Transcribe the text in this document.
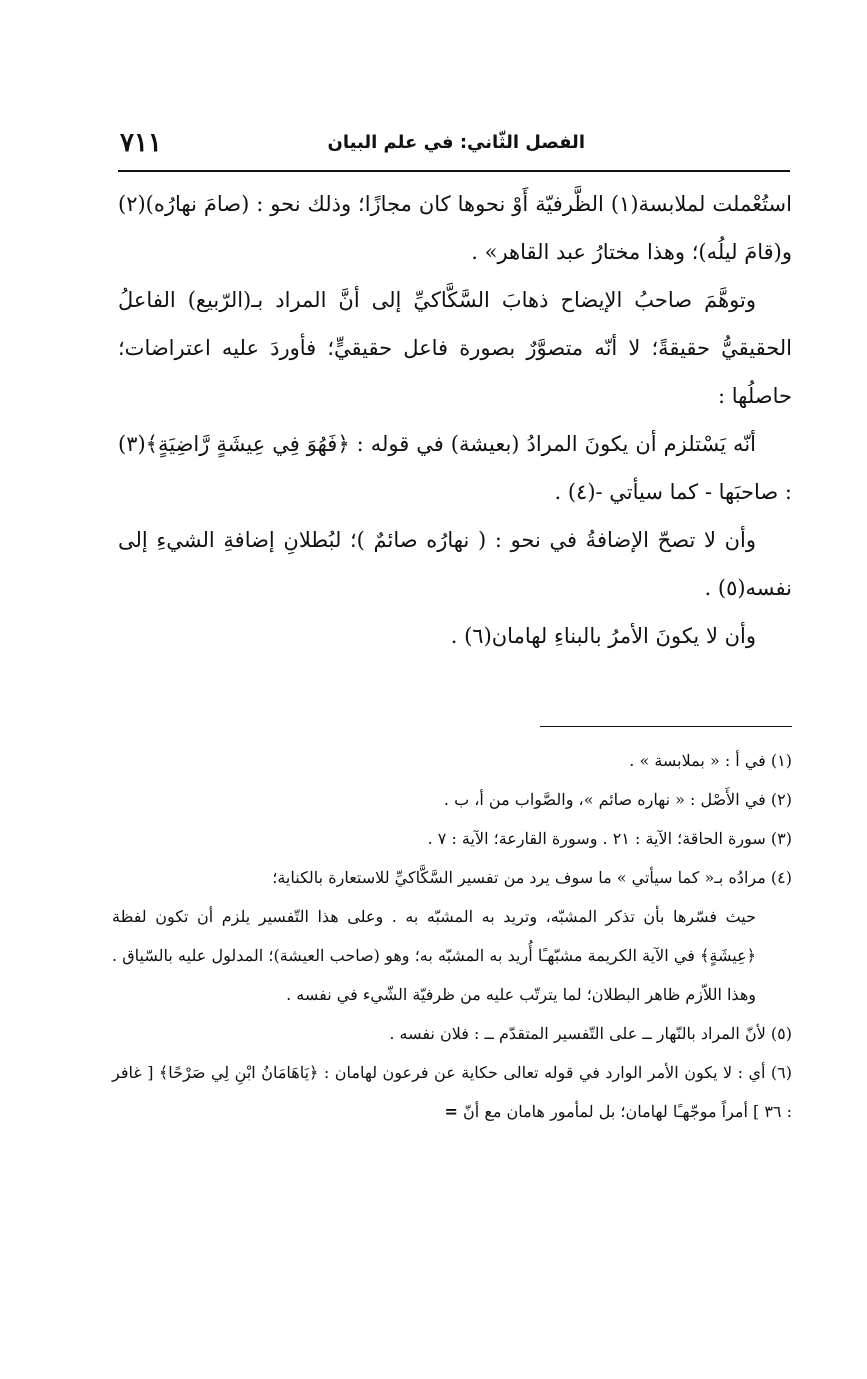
الفصل الثّاني: في علم البيان
٧١١

استُعْملت لملابسة(١) الظَّرفيّة أَوْ نحوها كان مجازًا؛ وذلك نحو : (صامَ نهارُه)(٢) و(قامَ ليلُه)؛ وهذا مختارُ عبد القاهر» .

وتوهَّمَ صاحبُ الإيضاح ذهابَ السَّكَّاكيِّ إلى أنَّ المراد بـ(الرّبيع) الفاعلُ الحقيقيُّ حقيقةً؛ لا أنّه متصوَّرٌ بصورة فاعل حقيقيٍّ؛ فأوردَ عليه اعتراضات؛ حاصلُها :

أنّه يَسْتلزم أن يكونَ المرادُ (بعيشة) في قوله : ﴿فَهُوَ فِي عِيشَةٍ رَّاضِيَةٍ﴾(٣) : صاحبَها - كما سيأتي -(٤) .

وأن لا تصحّ الإضافةُ في نحو : ( نهارُه صائمٌ )؛ لبُطلانِ إضافةِ الشيءِ إلى نفسه(٥) .

وأن لا يكونَ الأمرُ بالبناءِ لهامان(٦) .

(١) في أ : « بملابسة » .

(٢) في الأَصْل : « نهاره صائم »، والصَّواب من أ، ب .

(٣) سورة الحاقة؛ الآية : ٢١ . وسورة القارعة؛ الآية : ٧ .

(٤) مرادُه بـ« كما سيأتي » ما سوف يرد من تفسير السَّكَّاكيِّ للاستعارة بالكناية؛

حيث فسّرها بأن تذكر المشبّه، وتريد به المشبّه به . وعلى هذا التّفسير يلزم أن تكون لفظة ﴿عِيشَةٍ﴾ في الآية الكريمة مشبّهـًا أُريد به المشبّه به؛ وهو (صاحب العيشة)؛ المدلول عليه بالسّياق . وهذا اللاّزم ظاهر البطلان؛ لما يترتّب عليه من ظرفيّة الشّيء في نفسه .

(٥) لأنّ المراد بالنّهار ــ على التّفسير المتقدّم ــ : فلان نفسه .

(٦) أي : لا يكون الأمر الوارد في قوله تعالى حكاية عن فرعون لهامان : ﴿يَاهَامَانُ ابْنِ لِي صَرْحًا﴾ [ غافر : ٣٦ ] أمراً موجّهـًا لهامان؛ بل لمأمور هامان مع أنّ =
